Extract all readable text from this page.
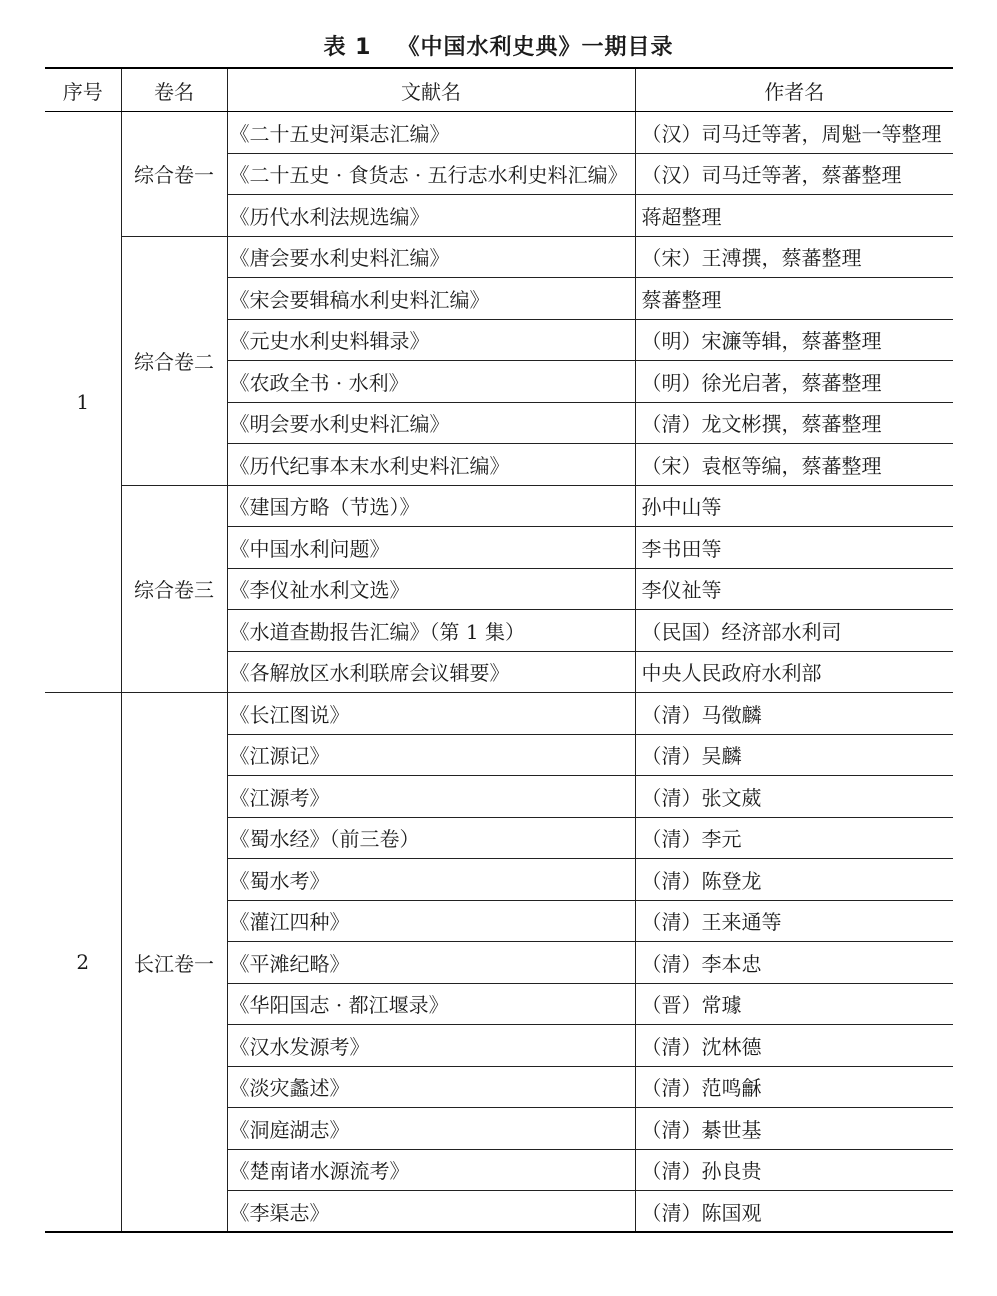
表 1 《中国水利史典》一期目录
序号	卷名	文献名	作者名
1	综合卷一	《二十五史河渠志汇编》	（汉）司马迁等著，周魁一等整理
		《二十五史 · 食货志 · 五行志水利史料汇编》	（汉）司马迁等著，蔡蕃整理
		《历代水利法规选编》	蒋超整理
	综合卷二	《唐会要水利史料汇编》	（宋）王溥撰，蔡蕃整理
		《宋会要辑稿水利史料汇编》	蔡蕃整理
		《元史水利史料辑录》	（明）宋濂等辑，蔡蕃整理
		《农政全书 · 水利》	（明）徐光启著，蔡蕃整理
		《明会要水利史料汇编》	（清）龙文彬撰，蔡蕃整理
		《历代纪事本末水利史料汇编》	（宋）袁枢等编，蔡蕃整理
	综合卷三	《建国方略（节选）》	孙中山等
		《中国水利问题》	李书田等
		《李仪祉水利文选》	李仪祉等
		《水道查勘报告汇编》（第 1 集）	（民国）经济部水利司
		《各解放区水利联席会议辑要》	中央人民政府水利部
2	长江卷一	《长江图说》	（清）马徵麟
		《江源记》	（清）吴麟
		《江源考》	（清）张文葳
		《蜀水经》（前三卷）	（清）李元
		《蜀水考》	（清）陈登龙
		《灌江四种》	（清）王来通等
		《平滩纪略》	（清）李本忠
		《华阳国志 · 都江堰录》	（晋）常璩
		《汉水发源考》	（清）沈林德
		《淡灾蠡述》	（清）范鸣龢
		《洞庭湖志》	（清）綦世基
		《楚南诸水源流考》	（清）孙良贵
		《李渠志》	（清）陈国观
